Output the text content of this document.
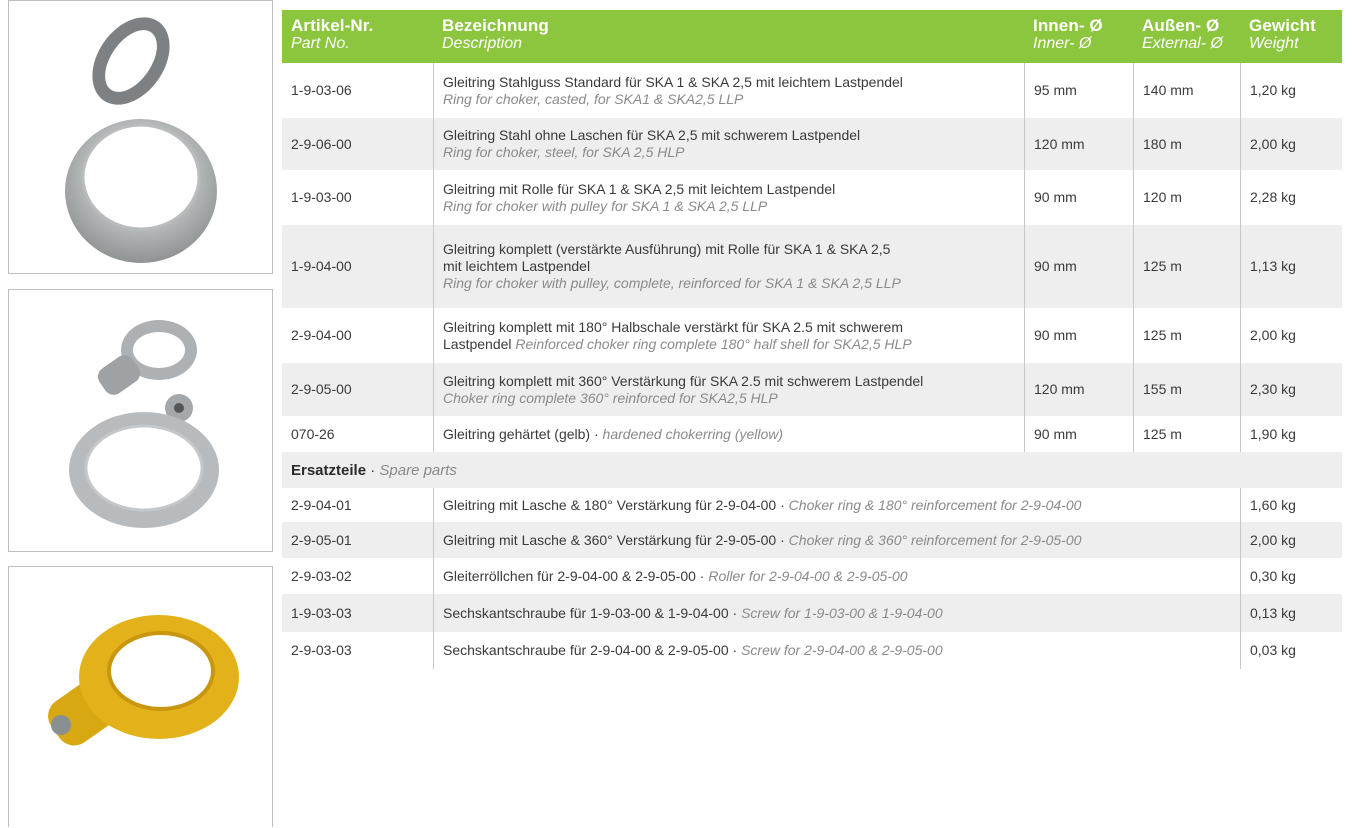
Artikel-Nr.
Part No.
Bezeichnung
Description
Innen- Ø
Inner- Ø
Außen- Ø
External- Ø
Gewicht
Weight
1-9-03-06
Gleitring Stahlguss Standard für SKA 1 & SKA 2,5 mit leichtem Lastpendel
Ring for choker, casted, for SKA1 & SKA2,5 LLP
95 mm	140 mm	1,20 kg
2-9-06-00
Gleitring Stahl ohne Laschen für SKA 2,5 mit schwerem Lastpendel
Ring for choker, steel, for SKA 2,5 HLP
120 mm	180 m	2,00 kg
1-9-03-00
Gleitring mit Rolle für SKA 1 & SKA 2,5 mit leichtem Lastpendel
Ring for choker with pulley for SKA 1 & SKA 2,5 LLP
90 mm	120 m	2,28 kg
1-9-04-00
Gleitring komplett (verstärkte Ausführung) mit Rolle für SKA 1 & SKA 2,5
mit leichtem Lastpendel
Ring for choker with pulley, complete, reinforced for SKA 1 & SKA 2,5 LLP
90 mm	125 m	1,13 kg
2-9-04-00
Gleitring komplett mit 180° Halbschale verstärkt für SKA 2.5 mit schwerem
Lastpendel Reinforced choker ring complete 180° half shell for SKA2,5 HLP
90 mm	125 m	2,00 kg
2-9-05-00
Gleitring komplett mit 360° Verstärkung für SKA 2.5 mit schwerem Lastpendel
Choker ring complete 360° reinforced for SKA2,5 HLP
120 mm	155 m	2,30 kg
070-26	Gleitring gehärtet (gelb) · hardened chokerring (yellow)	90 mm	125 m	1,90 kg
Ersatzteile · Spare parts
2-9-04-01	Gleitring mit Lasche & 180° Verstärkung für 2-9-04-00 · Choker ring & 180° reinforcement for 2-9-04-00	1,60 kg
2-9-05-01	Gleitring mit Lasche & 360° Verstärkung für 2-9-05-00 · Choker ring & 360° reinforcement for 2-9-05-00	2,00 kg
2-9-03-02	Gleiterröllchen für 2-9-04-00 & 2-9-05-00 · Roller for 2-9-04-00 & 2-9-05-00	0,30 kg
1-9-03-03	Sechskantschraube für 1-9-03-00 & 1-9-04-00 · Screw for 1-9-03-00 & 1-9-04-00	0,13 kg
2-9-03-03	Sechskantschraube für 2-9-04-00 & 2-9-05-00 · Screw for 2-9-04-00 & 2-9-05-00	0,03 kg
